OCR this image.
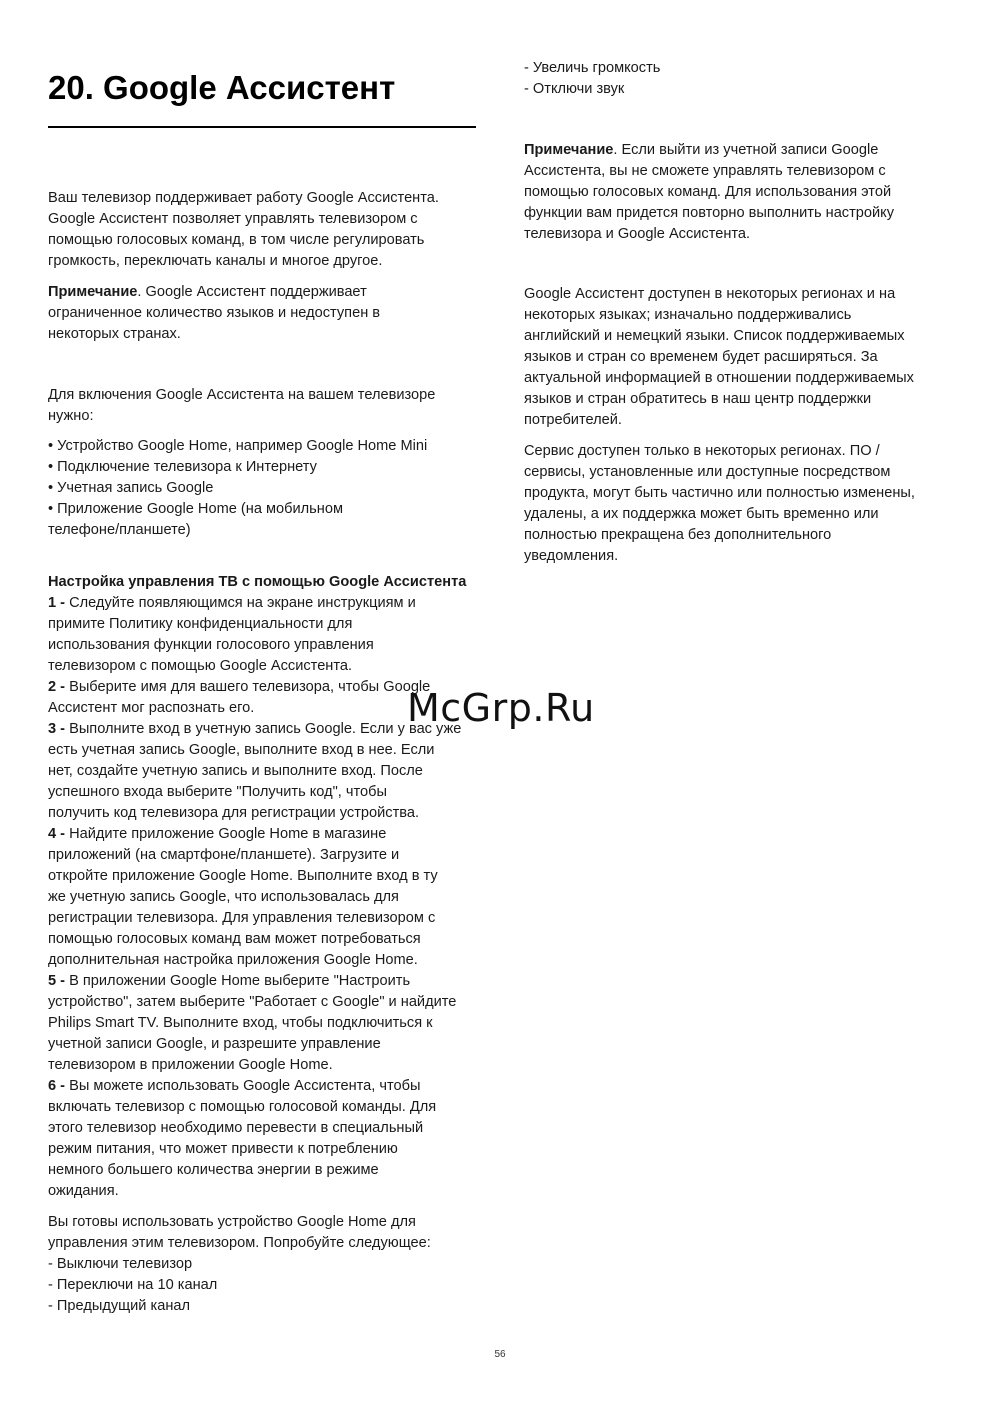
20. Google Ассистент
Ваш телевизор поддерживает работу Google Ассистента.
Google Ассистент позволяет управлять телевизором с
помощью голосовых команд, в том числе регулировать
громкость, переключать каналы и многое другое.
Примечание. Google Ассистент поддерживает
ограниченное количество языков и недоступен в
некоторых странах.
Для включения Google Ассистента на вашем телевизоре
нужно:
• Устройство Google Home, например Google Home Mini
• Подключение телевизора к Интернету
• Учетная запись Google
• Приложение Google Home (на мобильном
телефоне/планшете)
Настройка управления ТВ с помощью Google Ассистента
1 - Следуйте появляющимся на экране инструкциям и
примите Политику конфиденциальности для
использования функции голосового управления
телевизором с помощью Google Ассистента.
2 - Выберите имя для вашего телевизора, чтобы Google
Ассистент мог распознать его.
3 - Выполните вход в учетную запись Google. Если у вас уже
есть учетная запись Google, выполните вход в нее. Если
нет, создайте учетную запись и выполните вход. После
успешного входа выберите "Получить код", чтобы
получить код телевизора для регистрации устройства.
4 - Найдите приложение Google Home в магазине
приложений (на смартфоне/планшете). Загрузите и
откройте приложение Google Home. Выполните вход в ту
же учетную запись Google, что использовалась для
регистрации телевизора. Для управления телевизором с
помощью голосовых команд вам может потребоваться
дополнительная настройка приложения Google Home.
5 - В приложении Google Home выберите "Настроить
устройство", затем выберите "Работает с Google" и найдите
Philips Smart TV. Выполните вход, чтобы подключиться к
учетной записи Google, и разрешите управление
телевизором в приложении Google Home.
6 - Вы можете использовать Google Ассистента, чтобы
включать телевизор с помощью голосовой команды. Для
этого телевизор необходимо перевести в специальный
режим питания, что может привести к потреблению
немного большего количества энергии в режиме
ожидания.
Вы готовы использовать устройство Google Home для
управления этим телевизором. Попробуйте следующее:
- Выключи телевизор
- Переключи на 10 канал
- Предыдущий канал
- Увеличь громкость
- Отключи звук
Примечание. Если выйти из учетной записи Google
Ассистента, вы не сможете управлять телевизором с
помощью голосовых команд. Для использования этой
функции вам придется повторно выполнить настройку
телевизора и Google Ассистента.
Google Ассистент доступен в некоторых регионах и на
некоторых языках; изначально поддерживались
английский и немецкий языки. Список поддерживаемых
языков и стран со временем будет расширяться. За
актуальной информацией в отношении поддерживаемых
языков и стран обратитесь в наш центр поддержки
потребителей.
Сервис доступен только в некоторых регионах. ПО /
сервисы, установленные или доступные посредством
продукта, могут быть частично или полностью изменены,
удалены, а их поддержка может быть временно или
полностью прекращена без дополнительного
уведомления.
McGrp.Ru
56
